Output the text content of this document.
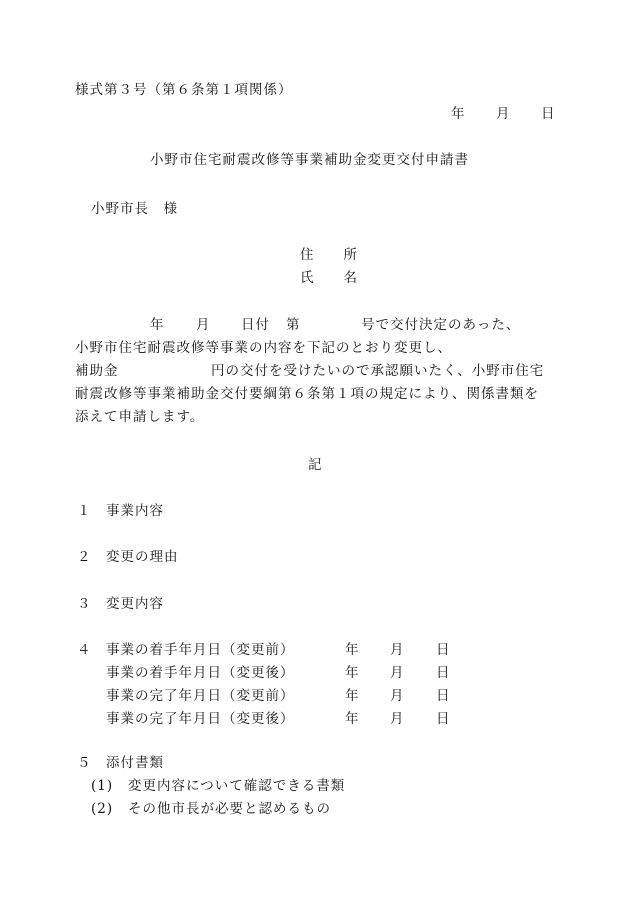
様式第３号（第６条第１項関係）
年 月 日
小野市住宅耐震改修等事業補助金変更交付申請書
小野市長　様
住　　所
氏　　名
年 月 日付 第	号で交付決定のあった、
小野市住宅耐震改修等事業の内容を下記のとおり変更し、
補助金	円の交付を受けたいので承認願いたく、小野市住宅
耐震改修等事業補助金交付要綱第６条第１項の規定により、関係書類を
添えて申請します。
記
１ 事業内容
２ 変更の理由
３ 変更内容
４ 事業の着手年月日（変更前）	年 月 日
事業の着手年月日（変更後）	年 月 日
事業の完了年月日（変更前）	年 月 日
事業の完了年月日（変更後）	年 月 日
５ 添付書類
(1) 変更内容について確認できる書類
(2) その他市長が必要と認めるもの
